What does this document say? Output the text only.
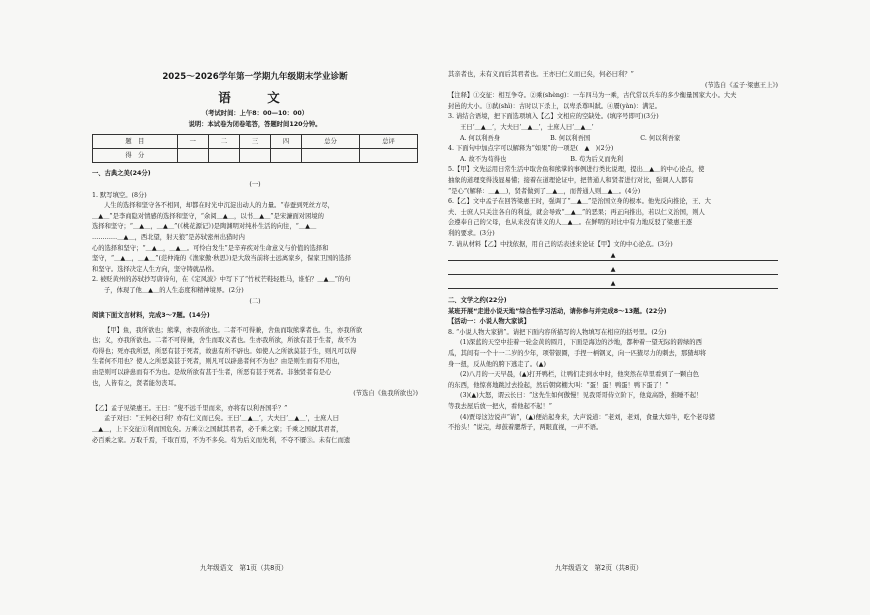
2025～2026学年第一学期九年级期末学业诊断
语　文

（考试时间：上午8：00—10：00）

说明：本试卷为闭卷笔答，答题时间120分钟。

题　目	一	二	三	四	总分	总评
得　分						

一、古典之美(24分)

(一)

1. 默写填空。(8分)

人生的选择和坚守各不相同，却都在时光中沉淀出动人的力量。“春蚕到死丝方尽，

＿▲＿”是李商隐对情感的选择和坚守，“余阅＿▲＿，以书＿▲＿”是宋濂面对困境的

选择和坚守；“＿▲＿，＿▲＿”(《桃花源记》)是陶渊明对纯朴生活的向往，“＿▲＿

…………＿▲＿，西北望，射天狼”是苏轼密州出猎时内

心的选择和坚守；“＿▲＿，＿▲＿。可怜白发生”是辛弃疾对生命意义与价值的选择和

坚守，“＿▲＿，＿▲＿”(范仲淹的《渔家傲·秋思》)是大敌当前将士远离家乡，保家卫国的选择

和坚守。选择决定人生方向，坚守铸就品格。

2. 被贬黄州的苏轼抄写唐诗句，在《定风波》中写下了“竹杖芒鞋轻胜马，谁怕？＿▲＿”的句

子，体现了他＿▲＿的人生态度和精神境界。(2分)

(二)

阅读下面文言材料，完成3～7题。(14分)

【甲】鱼，我所欲也；熊掌，亦我所欲也。二者不可得兼，舍鱼而取熊掌者也。生，亦我所欲

也；义，亦我所欲也。二者不可得兼，舍生而取义者也。生亦我所欲，所欲有甚于生者，故不为

苟得也；死亦我所恶，所恶有甚于死者，故患有所不辟也。如使人之所欲莫甚于生，则凡可以得

生者何不用也？使人之所恶莫甚于死者，则凡可以辟患者何不为也？由是则生而有不用也，

由是则可以辟患而有不为也。是故所欲有甚于生者，所恶有甚于死者。非独贤者有是心

也，人皆有之，贤者能勿丧耳。

(节选自《鱼我所欲也》)

【乙】孟子见梁惠王。王曰：“叟不远千里而来，亦将有以利吾国乎？”

孟子对曰：“王何必曰利？亦有仁义而已矣。王曰‘＿▲＿’，大夫曰‘＿▲＿’，士庶人曰

＿▲＿，上下交征①利而国危矣。万乘②之国弑其君者，必千乘之家；千乘之国弑其君者，

必百乘之家。万取千焉，千取百焉，不为不多矣。苟为后义而先利，不夺不餍③。未有仁而遗

九年级语文　第1页（共8页）

其亲者也，未有义而后其君者也。王亦曰仁义而已矣，何必曰利？”

(节选自《孟子·梁惠王上》)

【注释】①交征：相互争夺。②乘(shèng)：一车四马为一乘，古代常以兵车的多少衡量国家大小。大夫

封邑的大小。③弑(shì)：古时以下杀上，以卑杀尊叫弑。④餍(yàn)：满足。

3. 请结合语境，把下面选项填入【乙】文相应的空缺处。(填序号即可)(3分)

王曰‘＿▲＿’，大夫曰‘＿▲＿’，士庶人曰‘＿▲＿’

A. 何以利吾身	B. 何以利吾国	C. 何以利吾家

4. 下面句中加点字可以解释为“如果”的一项是(　▲　)(2分)

A. 故不为苟得也	B. 苟为后义而先利

5.【甲】文先运用日常生活中取舍鱼和熊掌的事例进行类比说理，提出＿▲＿的中心论点，使

抽象的道理变得浅显易懂；接着在道理论证中，把普通人和贤者进行对比，强调人人都有

“是心”(解释：＿▲＿)，贤者做到了＿▲＿，而普通人则＿▲＿。(4分)

6.【乙】文中孟子在回答梁惠王时，强调了“＿▲＿”是治国立身的根本。他先反向推论，王、大

夫、士庶人只关注各自的利益，就会导致“＿▲＿”的恶果；再正向推出，若以仁义治国，则人

会遵奉自己的父母，也从来没有讲义的人＿▲＿。在鲜明的对比中有力地反驳了梁惠王逐

利的要求。(3分)

7. 请从材料【乙】中找依据，用自己的话表述来论证【甲】文的中心论点。(3分)

▲
▲
▲

二、文学之约(22分)

某班开展“走进小说天地”综合性学习活动，请你参与并完成8～13题。(22分)

【活动一：小说人物大家谈】

8. “小说人物大家猜”。请把下面内容所描写的人物填写在相应的括号里。(2分)

(1)深蓝的天空中挂着一轮金黄的圆月，下面是海边的沙地，都种着一望无际的碧绿的西

瓜，其间有一个十一二岁的少年，项带银圈，手捏一柄钢叉，向一匹猹尽力的刺去，那猹却将

身一扭，反从他的胯下逃走了。(▲)

(2)八月的一天早晨，(▲)打开鸭栏，让鸭们走到水中时，他突然在草里看到了一颗白色

的东西，他惊喜地跳过去捡起，然后朝窝棚大叫：“蛋！蛋！鸭蛋！鸭下蛋了！”

(3)(▲)大怒，谓云长曰：“这先生如何傲慢！见我哥哥侍立阶下，他竟高卧，推睡不起！

等我去屋后放一把火，看他起不起！”

(4)贾母这边说声“请”，(▲)便站起身来，大声说道：“老刘，老刘，食量大如牛，吃个老母猪

不抬头！”说完，却鼓着腮帮子，两眼直视，一声不语。

九年级语文　第2页（共8页）
